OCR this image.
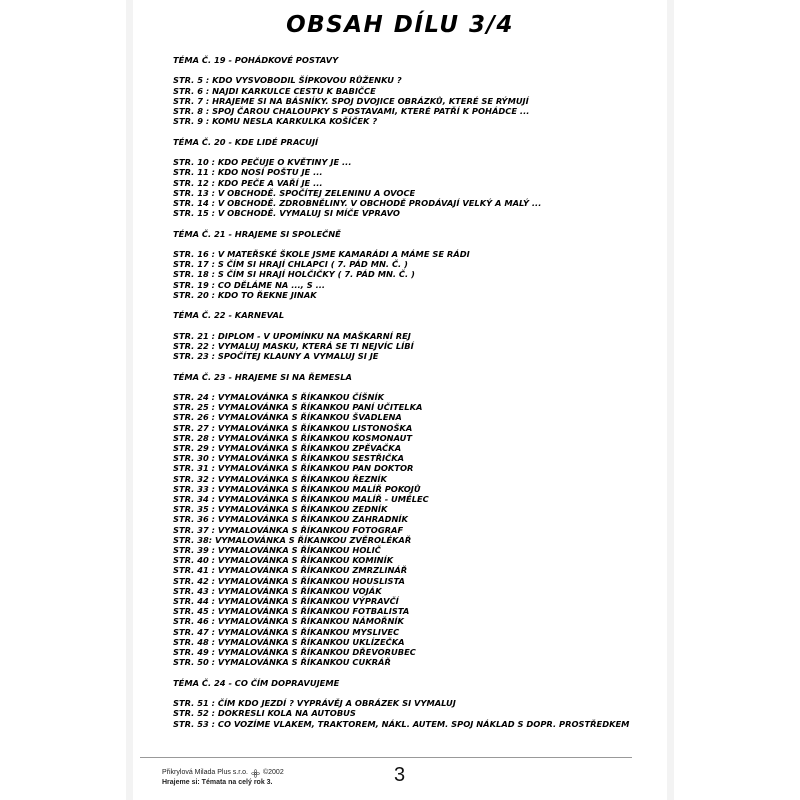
OBSAH DÍLU 3/4
TÉMA Č. 19 - POHÁDKOVÉ POSTAVY
STR. 5 : KDO VYSVOBODIL ŠÍPKOVOU RŮŽENKU ?
STR. 6 : NAJDI KARKULCE CESTU K BABIČCE
STR. 7 : HRAJEME SI NA BÁSNÍKY. SPOJ DVOJICE OBRÁZKŮ, KTERÉ SE RÝMUJÍ
STR. 8 : SPOJ ČAROU CHALOUPKY S POSTAVAMI, KTERÉ PATŘÍ K POHÁDCE ...
STR. 9 : KOMU NESLA KARKULKA KOŠÍČEK ?
TÉMA Č. 20 - KDE LIDÉ PRACUJÍ
STR. 10 : KDO PEČUJE O KVĚTINY JE ...
STR. 11 : KDO NOSÍ POŠTU JE ...
STR. 12 : KDO PEČE A VAŘÍ JE ...
STR. 13 : V OBCHODĚ. SPOČÍTEJ ZELENINU A OVOCE
STR. 14 : V OBCHODĚ. ZDROBNĚLINY. V OBCHODĚ PRODÁVAJÍ VELKÝ A MALÝ ...
STR. 15 : V OBCHODĚ. VYMALUJ SI MÍČE VPRAVO
TÉMA Č. 21 - HRAJEME SI SPOLEČNĚ
STR. 16 : V MATEŘSKÉ ŠKOLE JSME KAMARÁDI A MÁME SE RÁDI
STR. 17 : S ČÍM SI HRAJÍ CHLAPCI ( 7. PÁD MN. Č. )
STR. 18 : S ČÍM SI HRAJÍ HOLČIČKY ( 7. PÁD MN. Č. )
STR. 19 : CO DĚLÁME NA ..., S ...
STR. 20 : KDO TO ŘEKNE JINAK
TÉMA Č. 22 - KARNEVAL
STR. 21 : DIPLOM - V UPOMÍNKU NA MAŠKARNÍ REJ
STR. 22 : VYMALUJ MASKU, KTERÁ SE TI NEJVÍC LÍBÍ
STR. 23 : SPOČÍTEJ KLAUNY A VYMALUJ SI JE
TÉMA Č. 23 - HRAJEME SI NA ŘEMESLA
STR. 24 : VYMALOVÁNKA S ŘÍKANKOU ČÍŠNÍK
STR. 25 : VYMALOVÁNKA S ŘÍKANKOU PANÍ UČITELKA
STR. 26 : VYMALOVÁNKA S ŘÍKANKOU ŠVADLENA
STR. 27 : VYMALOVÁNKA S ŘÍKANKOU LISTONOŠKA
STR. 28 : VYMALOVÁNKA S ŘÍKANKOU KOSMONAUT
STR. 29 : VYMALOVÁNKA S ŘÍKANKOU ZPĚVAČKA
STR. 30 : VYMALOVÁNKA S ŘÍKANKOU SESTŘIČKA
STR. 31 : VYMALOVÁNKA S ŘÍKANKOU PAN DOKTOR
STR. 32 : VYMALOVÁNKA S ŘÍKANKOU ŘEZNÍK
STR. 33 : VYMALOVÁNKA S ŘÍKANKOU MALÍŘ POKOJŮ
STR. 34 : VYMALOVÁNKA S ŘÍKANKOU MALÍŘ - UMĚLEC
STR. 35 : VYMALOVÁNKA S ŘÍKANKOU ZEDNÍK
STR. 36 : VYMALOVÁNKA S ŘÍKANKOU ZAHRADNÍK
STR. 37 : VYMALOVÁNKA S ŘÍKANKOU FOTOGRAF
STR. 38: VYMALOVÁNKA S ŘÍKANKOU ZVĚROLÉKAŘ
STR. 39 : VYMALOVÁNKA S ŘÍKANKOU HOLIČ
STR. 40 : VYMALOVÁNKA S ŘÍKANKOU KOMINÍK
STR. 41 : VYMALOVÁNKA S ŘÍKANKOU ZMRZLINÁŘ
STR. 42 : VYMALOVÁNKA S ŘÍKANKOU HOUSLISTA
STR. 43 : VYMALOVÁNKA S ŘÍKANKOU VOJÁK
STR. 44 : VYMALOVÁNKA S ŘÍKANKOU VÝPRAVČÍ
STR. 45 : VYMALOVÁNKA S ŘÍKANKOU FOTBALISTA
STR. 46 : VYMALOVÁNKA S ŘÍKANKOU NÁMOŘNÍK
STR. 47 : VYMALOVÁNKA S ŘÍKANKOU MYSLIVEC
STR. 48 : VYMALOVÁNKA S ŘÍKANKOU UKLÍZEČKA
STR. 49 : VYMALOVÁNKA S ŘÍKANKOU DŘEVORUBEC
STR. 50 : VYMALOVÁNKA S ŘÍKANKOU CUKRÁŘ
TÉMA Č. 24 - CO ČÍM DOPRAVUJEME
STR. 51 : ČÍM KDO JEZDÍ ? VYPRÁVĚJ A OBRÁZEK SI VYMALUJ
STR. 52 : DOKRESLI KOLA NA AUTOBUS
STR. 53 : CO VOZÍME VLAKEM, TRAKTOREM, NÁKL. AUTEM. SPOJ NÁKLAD S DOPR. PROSTŘEDKEM
Přikrylová Milada Plus s.r.o. ©2002
Hrajeme si: Témata na celý rok 3.	3
